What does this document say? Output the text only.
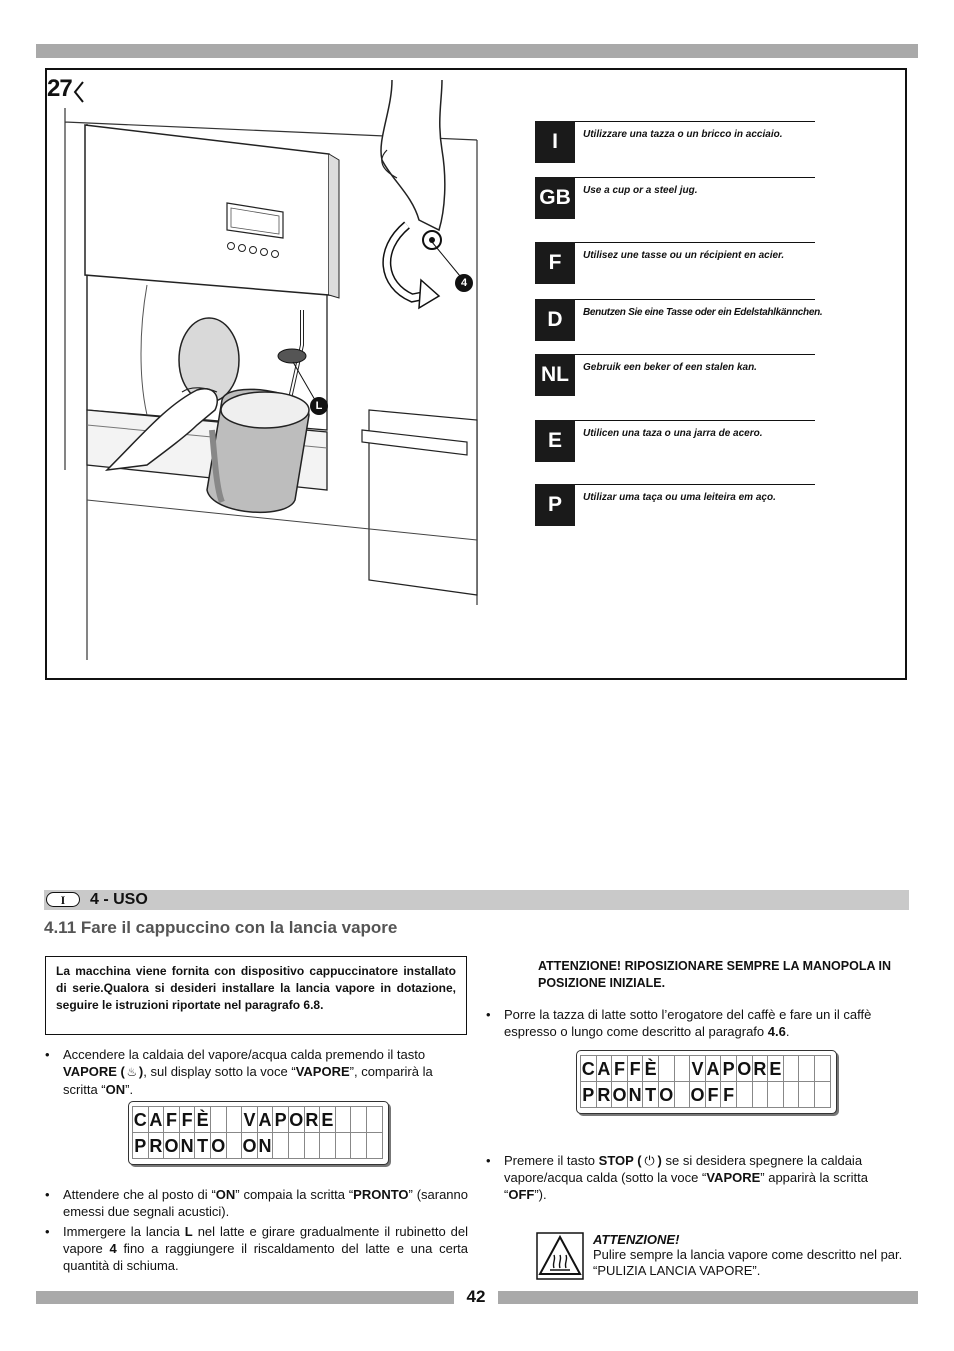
27
4
L
I	Utilizzare una tazza o un bricco in acciaio.
GB	Use a cup or a steel jug.
F	Utilisez une tasse ou un récipient en acier.
D	Benutzen Sie eine Tasse oder ein Edelstahlkännchen.
NL	Gebruik een beker of een stalen kan.
E	Utilicen una taza o una jarra de acero.
P	Utilizar uma taça ou uma leiteira em aço.
I	4 - USO
4.11 Fare il cappuccino con la lancia vapore
La macchina viene fornita con dispositivo cappuccinatore installato di serie.Qualora si desideri installare la lancia vapore in dotazione, seguire le istruzioni riportate nel paragrafo 6.8.
• Accendere la caldaia del vapore/acqua calda premendo il tasto VAPORE ( ♨ ), sul display sotto la voce “VAPORE”, comparirà la scritta “ON”.
C A F F È V A P O R E
P R O N T O O N
• Attendere che al posto di “ON” compaia la scritta “PRONTO” (saranno emessi due segnali acustici).
• Immergere la lancia L nel latte e girare gradualmente il rubinetto del vapore 4 fino a raggiungere il riscaldamento del latte e una certa quantità di schiuma.
ATTENZIONE! RIPOSIZIONARE SEMPRE LA MANOPOLA IN POSIZIONE INIZIALE.
• Porre la tazza di latte sotto l’erogatore del caffè e fare un il caffè espresso o lungo come descritto al paragrafo 4.6.
C A F F È V A P O R E
P R O N T O O F F
• Premere il tasto STOP ( ⏻ ) se si desidera spegnere la caldaia vapore/acqua calda (sotto la voce “VAPORE” apparirà la scritta “OFF”).
ATTENZIONE!
Pulire sempre la lancia vapore come descritto nel par. “PULIZIA LANCIA VAPORE”.
42
